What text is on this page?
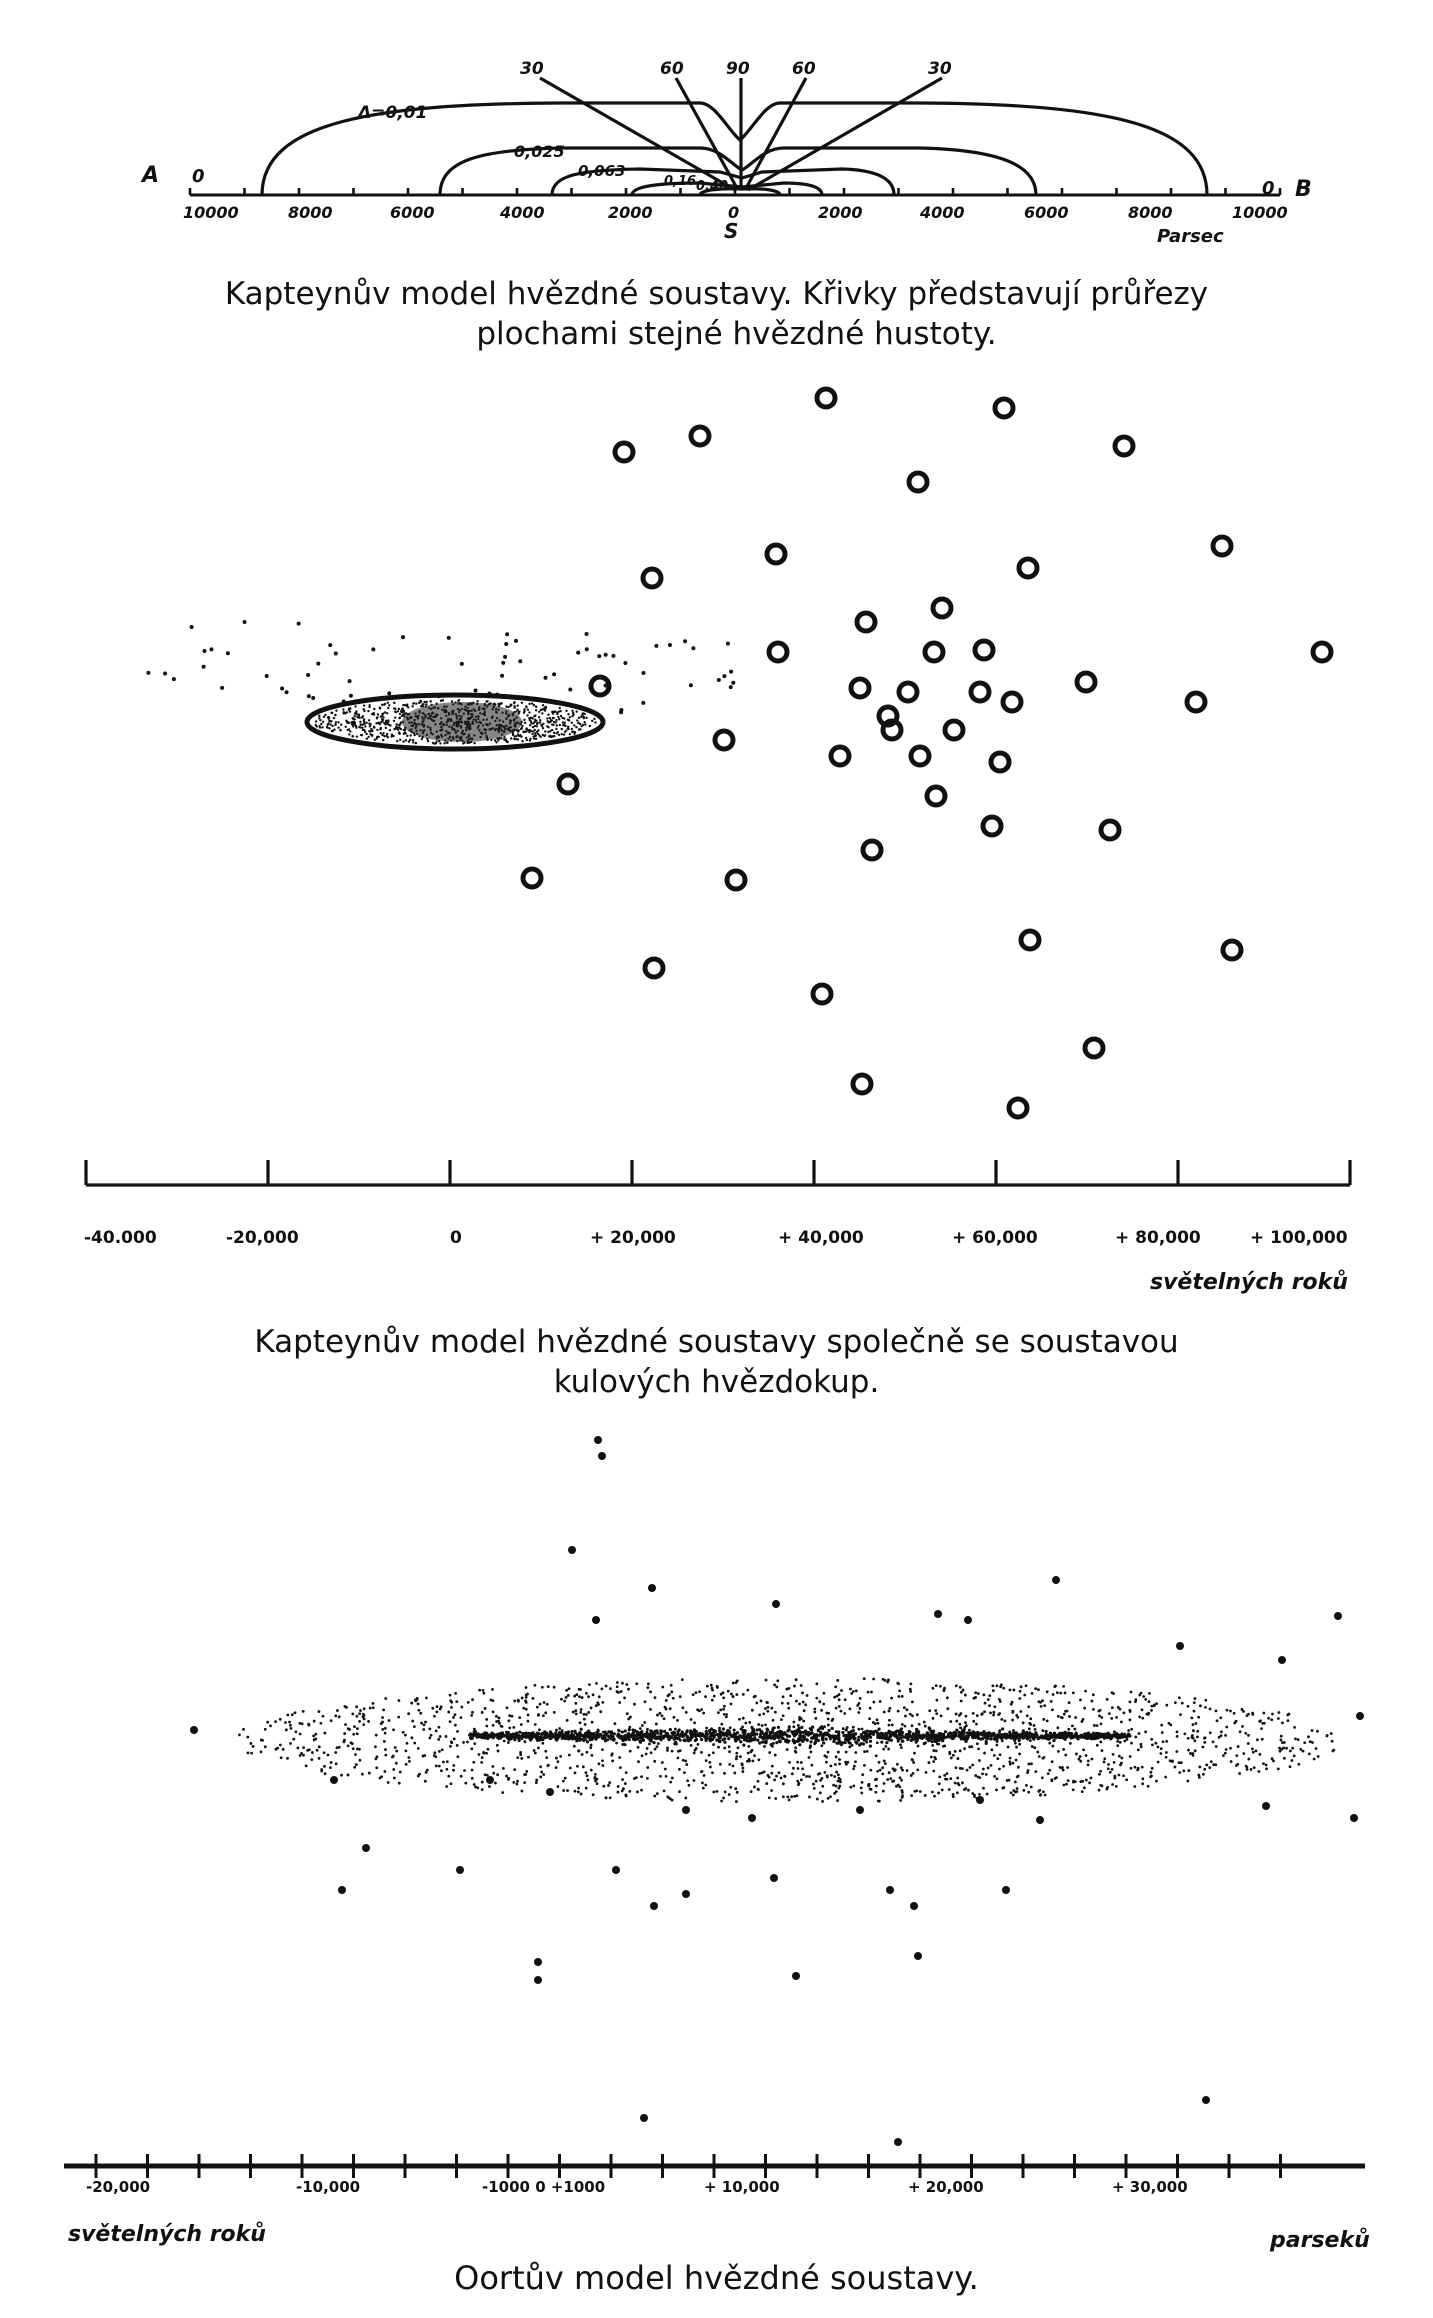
A
B
0
0
S	Parsec
10000	8000	6000	4000	2000	0	2000	4000	6000	8000	10000
Δ=0,01
0,025
0,063
0,16 0,40
30	60 90 60	30
Kapteynův model hvězdné soustavy. Křivky představují průřezy
plochami stejné hvězdné hustoty.
-40.000	-20,000	0	+ 20,000	+ 40,000	+ 60,000	+ 80,000	+ 100,000
světelných roků
Kapteynův model hvězdné soustavy společně se soustavou
kulových hvězdokup.
-20,000	-10,000	-1000 0 +1000	+ 10,000	+ 20,000	+ 30,000
světelných roků	parseků
Oortův model hvězdné soustavy.
